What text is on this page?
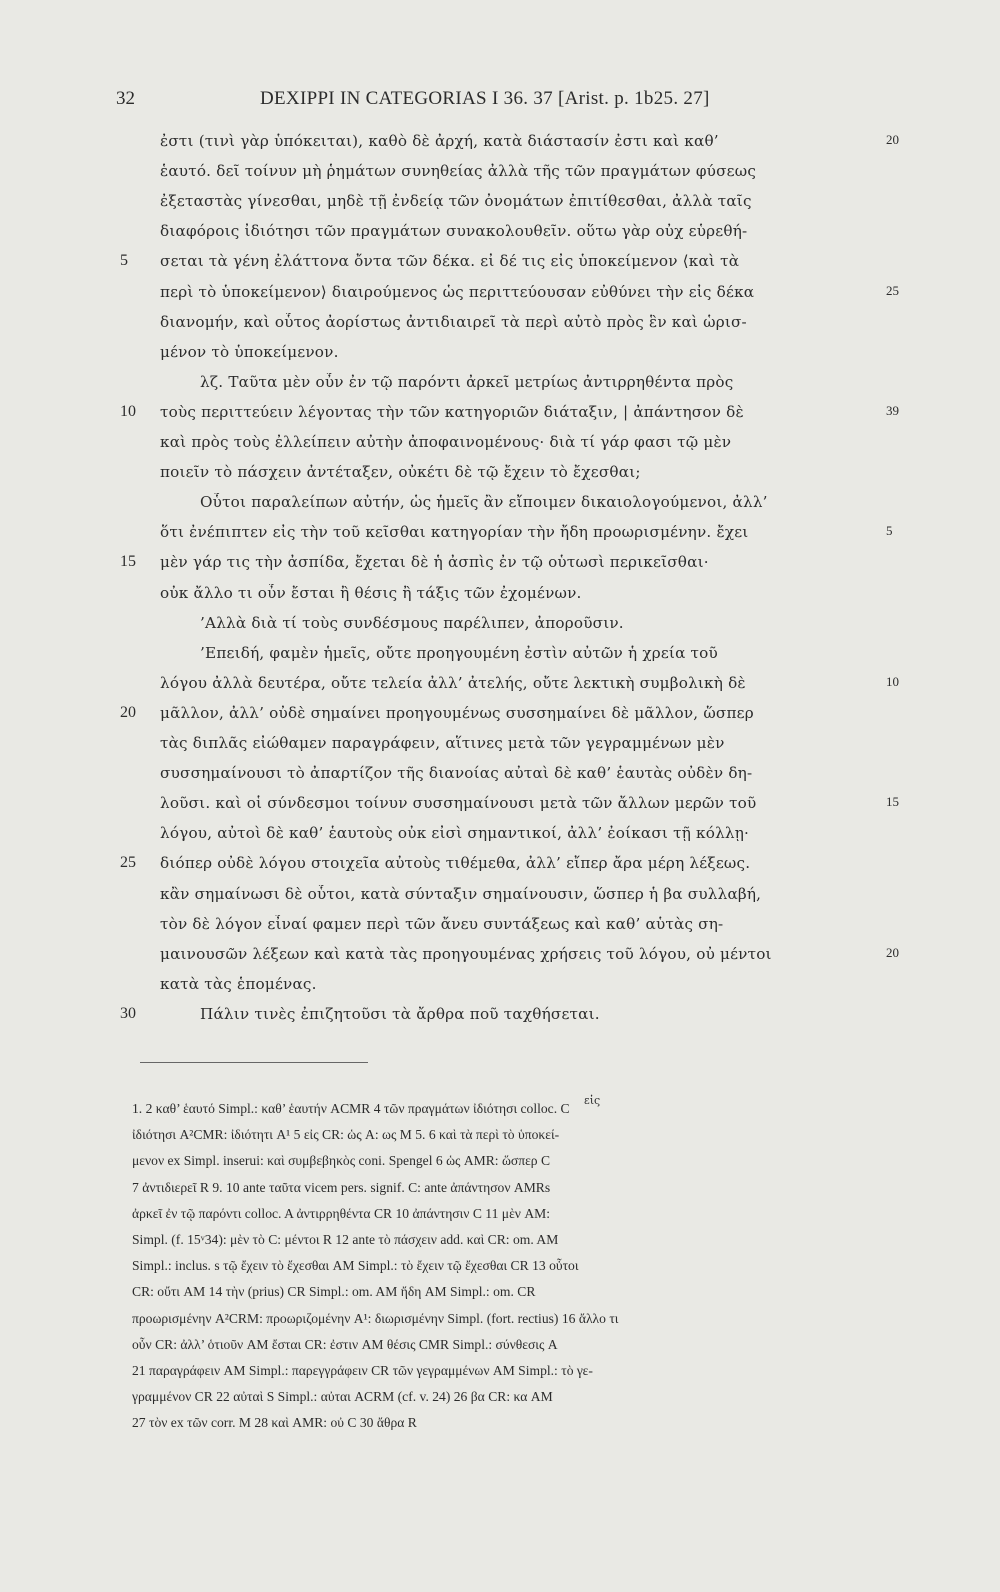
32	DEXIPPI IN CATEGORIAS I 36. 37 [Arist. p. 1b25. 27]
ἐστι (τινὶ γὰρ ὑπόκειται), καθὸ δὲ ἀρχή, κατὰ διάστασίν ἐστι καὶ καθ’	20
ἑαυτό. δεῖ τοίνυν μὴ ῥημάτων συνηθείας ἀλλὰ τῆς τῶν πραγμάτων φύσεως
ἐξεταστὰς γίνεσθαι, μηδὲ τῇ ἐνδείᾳ τῶν ὀνομάτων ἐπιτίθεσθαι, ἀλλὰ ταῖς
διαφόροις ἰδιότησι τῶν πραγμάτων συνακολουθεῖν. οὕτω γὰρ οὐχ εὑρεθή-
5	σεται τὰ γένη ἐλάττονα ὄντα τῶν δέκα. εἰ δέ τις εἰς ὑποκείμενον ⟨καὶ τὰ
περὶ τὸ ὑποκείμενον⟩ διαιρούμενος ὡς περιττεύουσαν εὐθύνει τὴν εἰς δέκα	25
διανομήν, καὶ οὗτος ἀορίστως ἀντιδιαιρεῖ τὰ περὶ αὐτὸ πρὸς ἓν καὶ ὡρισ-
μένον τὸ ὑποκείμενον.
λζ. Ταῦτα μὲν οὖν ἐν τῷ παρόντι ἀρκεῖ μετρίως ἀντιρρηθέντα πρὸς
10	τοὺς περιττεύειν λέγοντας τὴν τῶν κατηγοριῶν διάταξιν, | ἀπάντησον δὲ	39
καὶ πρὸς τοὺς ἐλλείπειν αὐτὴν ἀποφαινομένους· διὰ τί γάρ φασι τῷ μὲν
ποιεῖν τὸ πάσχειν ἀντέταξεν, οὐκέτι δὲ τῷ ἔχειν τὸ ἔχεσθαι;
Οὗτοι παραλείπων αὐτήν, ὡς ἡμεῖς ἂν εἴποιμεν δικαιολογούμενοι, ἀλλ’
ὅτι ἐνέπιπτεν εἰς τὴν τοῦ κεῖσθαι κατηγορίαν τὴν ἤδη προωρισμένην. ἔχει	5
15	μὲν γάρ τις τὴν ἀσπίδα, ἔχεται δὲ ἡ ἀσπὶς ἐν τῷ οὑτωσὶ περικεῖσθαι·
οὐκ ἄλλο τι οὖν ἔσται ἢ θέσις ἢ τάξις τῶν ἐχομένων.
’Αλλὰ διὰ τί τοὺς συνδέσμους παρέλιπεν, ἀποροῦσιν.
’Επειδή, φαμὲν ἡμεῖς, οὔτε προηγουμένη ἐστὶν αὐτῶν ἡ χρεία τοῦ
λόγου ἀλλὰ δευτέρα, οὔτε τελεία ἀλλ’ ἀτελής, οὔτε λεκτικὴ συμβολικὴ δὲ	10
20	μᾶλλον, ἀλλ’ οὐδὲ σημαίνει προηγουμένως συσσημαίνει δὲ μᾶλλον, ὥσπερ
τὰς διπλᾶς εἰώθαμεν παραγράφειν, αἵτινες μετὰ τῶν γεγραμμένων μὲν
συσσημαίνουσι τὸ ἀπαρτίζον τῆς διανοίας αὐταὶ δὲ καθ’ ἑαυτὰς οὐδὲν δη-
λοῦσι. καὶ οἱ σύνδεσμοι τοίνυν συσσημαίνουσι μετὰ τῶν ἄλλων μερῶν τοῦ	15
λόγου, αὐτοὶ δὲ καθ’ ἑαυτοὺς οὐκ εἰσὶ σημαντικοί, ἀλλ’ ἐοίκασι τῇ κόλλῃ·
25	διόπερ οὐδὲ λόγου στοιχεῖα αὐτοὺς τιθέμεθα, ἀλλ’ εἴπερ ἄρα μέρη λέξεως.
κἂν σημαίνωσι δὲ οὗτοι, κατὰ σύνταξιν σημαίνουσιν, ὥσπερ ἡ βα συλλαβή,
τὸν δὲ λόγον εἶναί φαμεν περὶ τῶν ἄνευ συντάξεως καὶ καθ’ αὑτὰς ση-
μαινουσῶν λέξεων καὶ κατὰ τὰς προηγουμένας χρήσεις τοῦ λόγου, οὐ μέντοι	20
κατὰ τὰς ἑπομένας.
30	Πάλιν τινὲς ἐπιζητοῦσι τὰ ἄρθρα ποῦ ταχθήσεται.
εἰς
1. 2 καθ’ ἑαυτό Simpl.: καθ’ ἑαυτήν ACMR 4 τῶν πραγμάτων ἰδιότησι colloc. C
ἰδιότησι A²CMR: ἰδιότητι A¹ 5 εἰς CR: ὡς A: ως M 5. 6 καὶ τὰ περὶ τὸ ὑποκεί-
μενον ex Simpl. inserui: καὶ συμβεβηκὸς coni. Spengel 6 ὡς AMR: ὥσπερ C
7 ἀντιδιερεῖ R 9. 10 ante ταῦτα vicem pers. signif. C: ante ἀπάντησον AMRs
ἀρκεῖ ἐν τῷ παρόντι colloc. A ἀντιρρηθέντα CR 10 ἀπάντησιν C 11 μὲν AM:
Simpl. (f. 15ᵛ34): μὲν τὸ C: μέντοι R 12 ante τὸ πάσχειν add. καὶ CR: om. AM
Simpl.: inclus. s τῷ ἔχειν τὸ ἔχεσθαι AM Simpl.: τὸ ἔχειν τῷ ἔχεσθαι CR 13 οὗτοι
CR: οὔτι AM 14 τὴν (prius) CR Simpl.: om. AM ἤδη AM Simpl.: om. CR
προωρισμένην A²CRM: προωριζομένην A¹: διωρισμένην Simpl. (fort. rectius) 16 ἄλλο τι
οὖν CR: ἀλλ’ ὁτιοῦν AM ἔσται CR: ἐστιν AM θέσις CMR Simpl.: σύνθεσις A
21 παραγράφειν AM Simpl.: παρεγγράφειν CR τῶν γεγραμμένων AM Simpl.: τὸ γε-
γραμμένον CR 22 αὐταὶ S Simpl.: αὐται ACRM (cf. v. 24) 26 βα CR: κα AM
27 τὸν ex τῶν corr. M 28 καὶ AMR: οὐ C 30 ἄθρα R
